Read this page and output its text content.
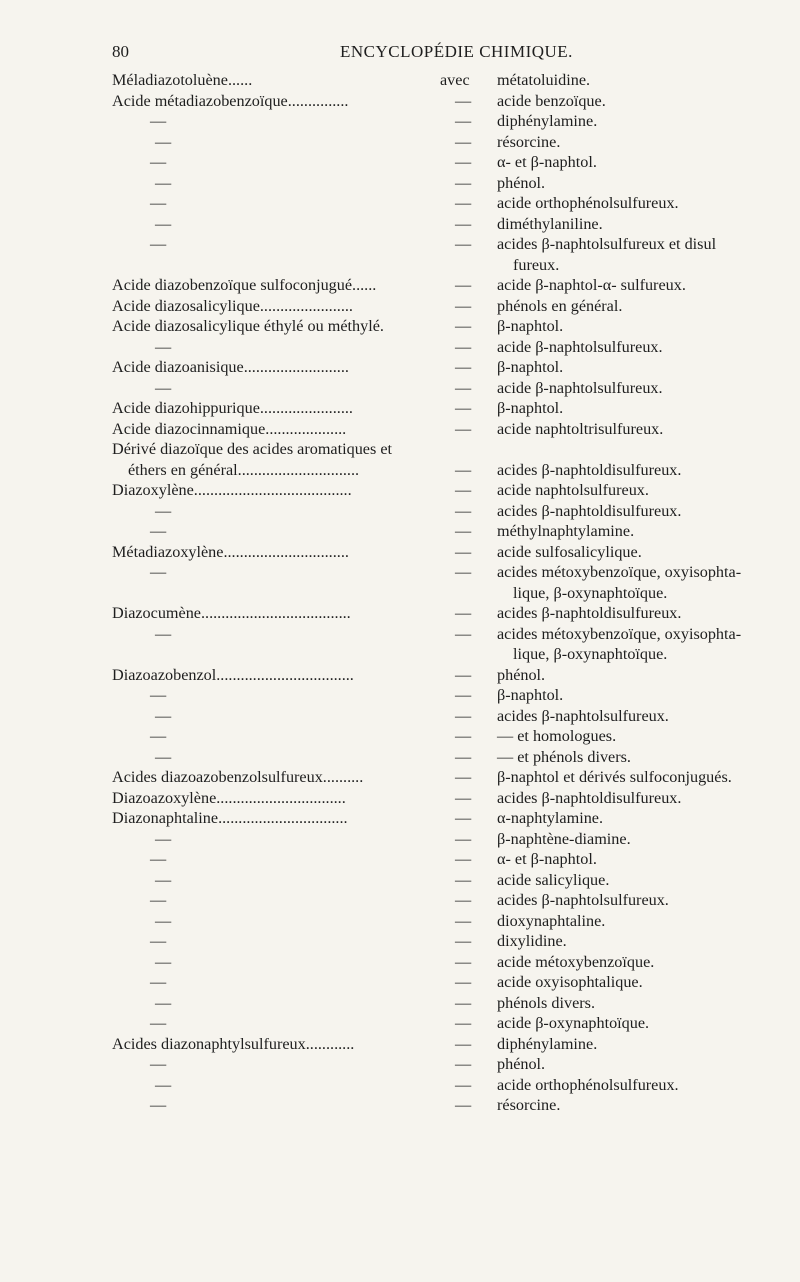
80	ENCYCLOPÉDIE CHIMIQUE.
Méladiazotoluène......	avec métatoluidine.
Acide métadiazobenzoïque...............	— acide benzoïque.
—	— diphénylamine.
—	— résorcine.
—	— α- et β-naphtol.
—	— phénol.
—	— acide orthophénolsulfureux.
—	— diméthylaniline.
—	— acides β-naphtolsulfureux et disul
fureux.
Acide diazobenzoïque sulfoconjugué......	— acide β-naphtol-α- sulfureux.
Acide diazosalicylique.......................	— phénols en général.
Acide diazosalicylique éthylé ou méthylé.	— β-naphtol.
—	— acide β-naphtolsulfureux.
Acide diazoanisique..........................	— β-naphtol.
—	— acide β-naphtolsulfureux.
Acide diazohippurique.......................	— β-naphtol.
Acide diazocinnamique....................	— acide naphtoltrisulfureux.
Dérivé diazoïque des acides aromatiques et
éthers en général..............................	— acides β-naphtoldisulfureux.
Diazoxylène.......................................	— acide naphtolsulfureux.
—	— acides β-naphtoldisulfureux.
—	— méthylnaphtylamine.
Métadiazoxylène...............................	— acide sulfosalicylique.
—	— acides métoxybenzoïque, oxyisophta-
lique, β-oxynaphtoïque.
Diazocumène.....................................	— acides β-naphtoldisulfureux.
—	— acides métoxybenzoïque, oxyisophta-
lique, β-oxynaphtoïque.
Diazoazobenzol..................................	— phénol.
—	— β-naphtol.
—	— acides β-naphtolsulfureux.
—	— — et homologues.
—	— — et phénols divers.
Acides diazoazobenzolsulfureux..........	— β-naphtol et dérivés sulfoconjugués.
Diazoazoxylène................................	— acides β-naphtoldisulfureux.
Diazonaphtaline................................	— α-naphtylamine.
—	— β-naphtène-diamine.
—	— α- et β-naphtol.
—	— acide salicylique.
—	— acides β-naphtolsulfureux.
—	— dioxynaphtaline.
—	— dixylidine.
—	— acide métoxybenzoïque.
—	— acide oxyisophtalique.
—	— phénols divers.
—	— acide β-oxynaphtoïque.
Acides diazonaphtylsulfureux............	— diphénylamine.
—	— phénol.
—	— acide orthophénolsulfureux.
—	— résorcine.
